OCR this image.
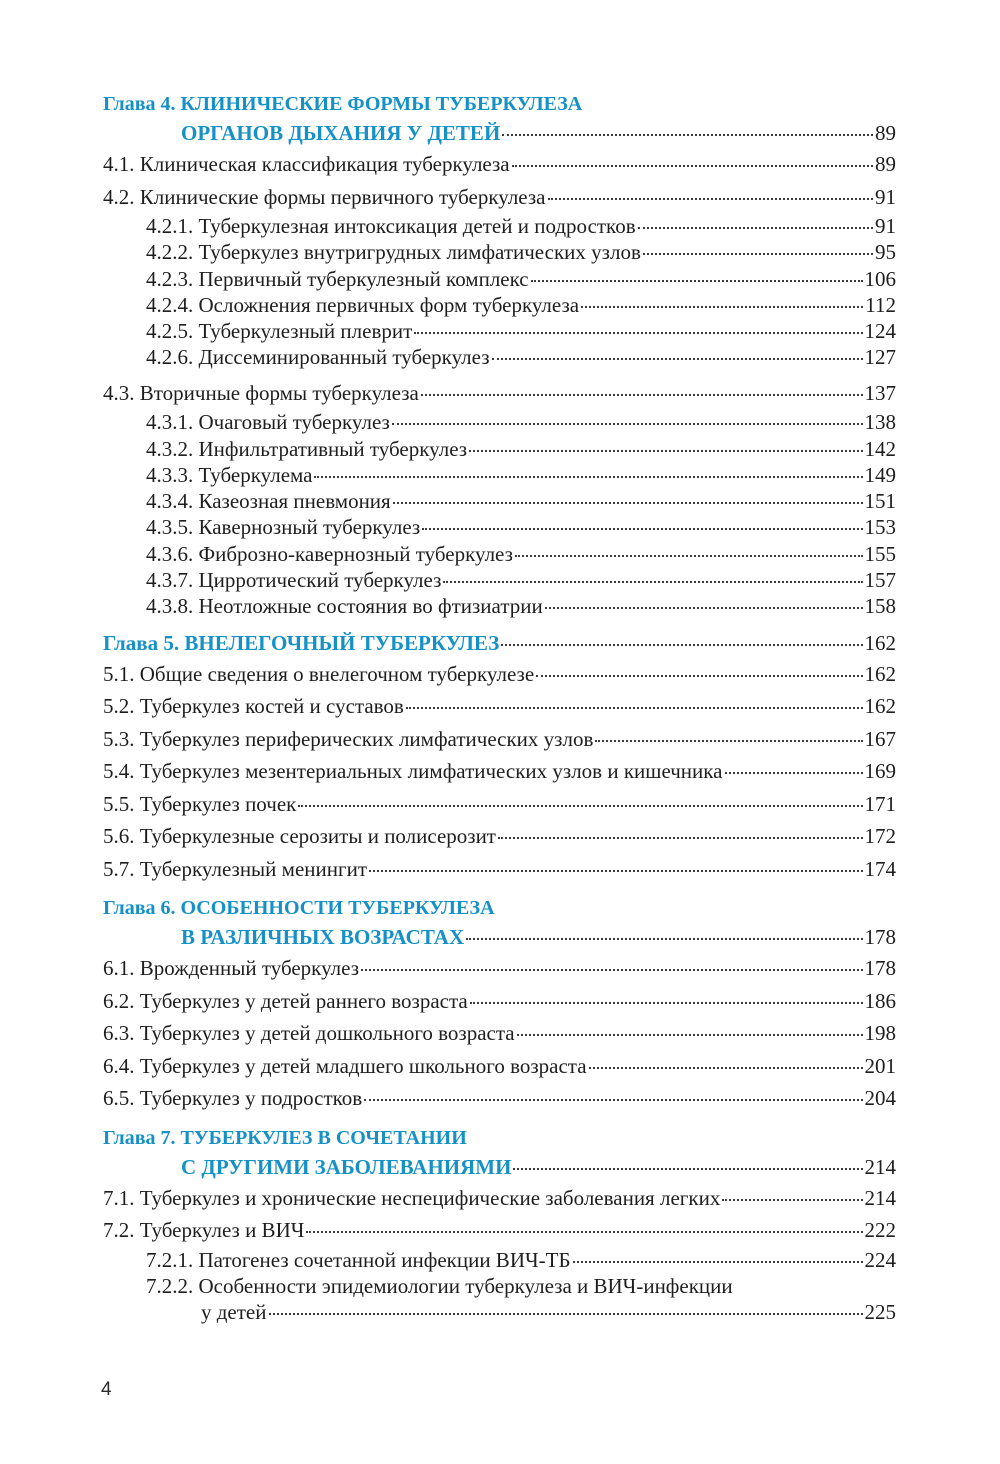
Глава 4. КЛИНИЧЕСКИЕ ФОРМЫ ТУБЕРКУЛЕЗА
ОРГАНОВ ДЫХАНИЯ У ДЕТЕЙ	89
4.1. Клиническая классификация туберкулеза	89
4.2. Клинические формы первичного туберкулеза	91
4.2.1. Туберкулезная интоксикация детей и подростков	91
4.2.2. Туберкулез внутригрудных лимфатических узлов	95
4.2.3. Первичный туберкулезный комплекс	106
4.2.4. Осложнения первичных форм туберкулеза	112
4.2.5. Туберкулезный плеврит	124
4.2.6. Диссеминированный туберкулез	127
4.3. Вторичные формы туберкулеза	137
4.3.1. Очаговый туберкулез	138
4.3.2. Инфильтративный туберкулез	142
4.3.3. Туберкулема	149
4.3.4. Казеозная пневмония	151
4.3.5. Кавернозный туберкулез	153
4.3.6. Фиброзно-кавернозный туберкулез	155
4.3.7. Цирротический туберкулез	157
4.3.8. Неотложные состояния во фтизиатрии	158
Глава 5. ВНЕЛЕГОЧНЫЙ ТУБЕРКУЛЕЗ	162
5.1. Общие сведения о внелегочном туберкулезе	162
5.2. Туберкулез костей и суставов	162
5.3. Туберкулез периферических лимфатических узлов	167
5.4. Туберкулез мезентериальных лимфатических узлов и кишечника	169
5.5. Туберкулез почек	171
5.6. Туберкулезные серозиты и полисерозит	172
5.7. Туберкулезный менингит	174
Глава 6. ОСОБЕННОСТИ ТУБЕРКУЛЕЗА
В РАЗЛИЧНЫХ ВОЗРАСТАХ	178
6.1. Врожденный туберкулез	178
6.2. Туберкулез у детей раннего возраста	186
6.3. Туберкулез у детей дошкольного возраста	198
6.4. Туберкулез у детей младшего школьного возраста	201
6.5. Туберкулез у подростков	204
Глава 7. ТУБЕРКУЛЕЗ В СОЧЕТАНИИ
С ДРУГИМИ ЗАБОЛЕВАНИЯМИ	214
7.1. Туберкулез и хронические неспецифические заболевания легких	214
7.2. Туберкулез и ВИЧ	222
7.2.1. Патогенез сочетанной инфекции ВИЧ-ТБ	224
7.2.2. Особенности эпидемиологии туберкулеза и ВИЧ-инфекции
у детей	225
4
